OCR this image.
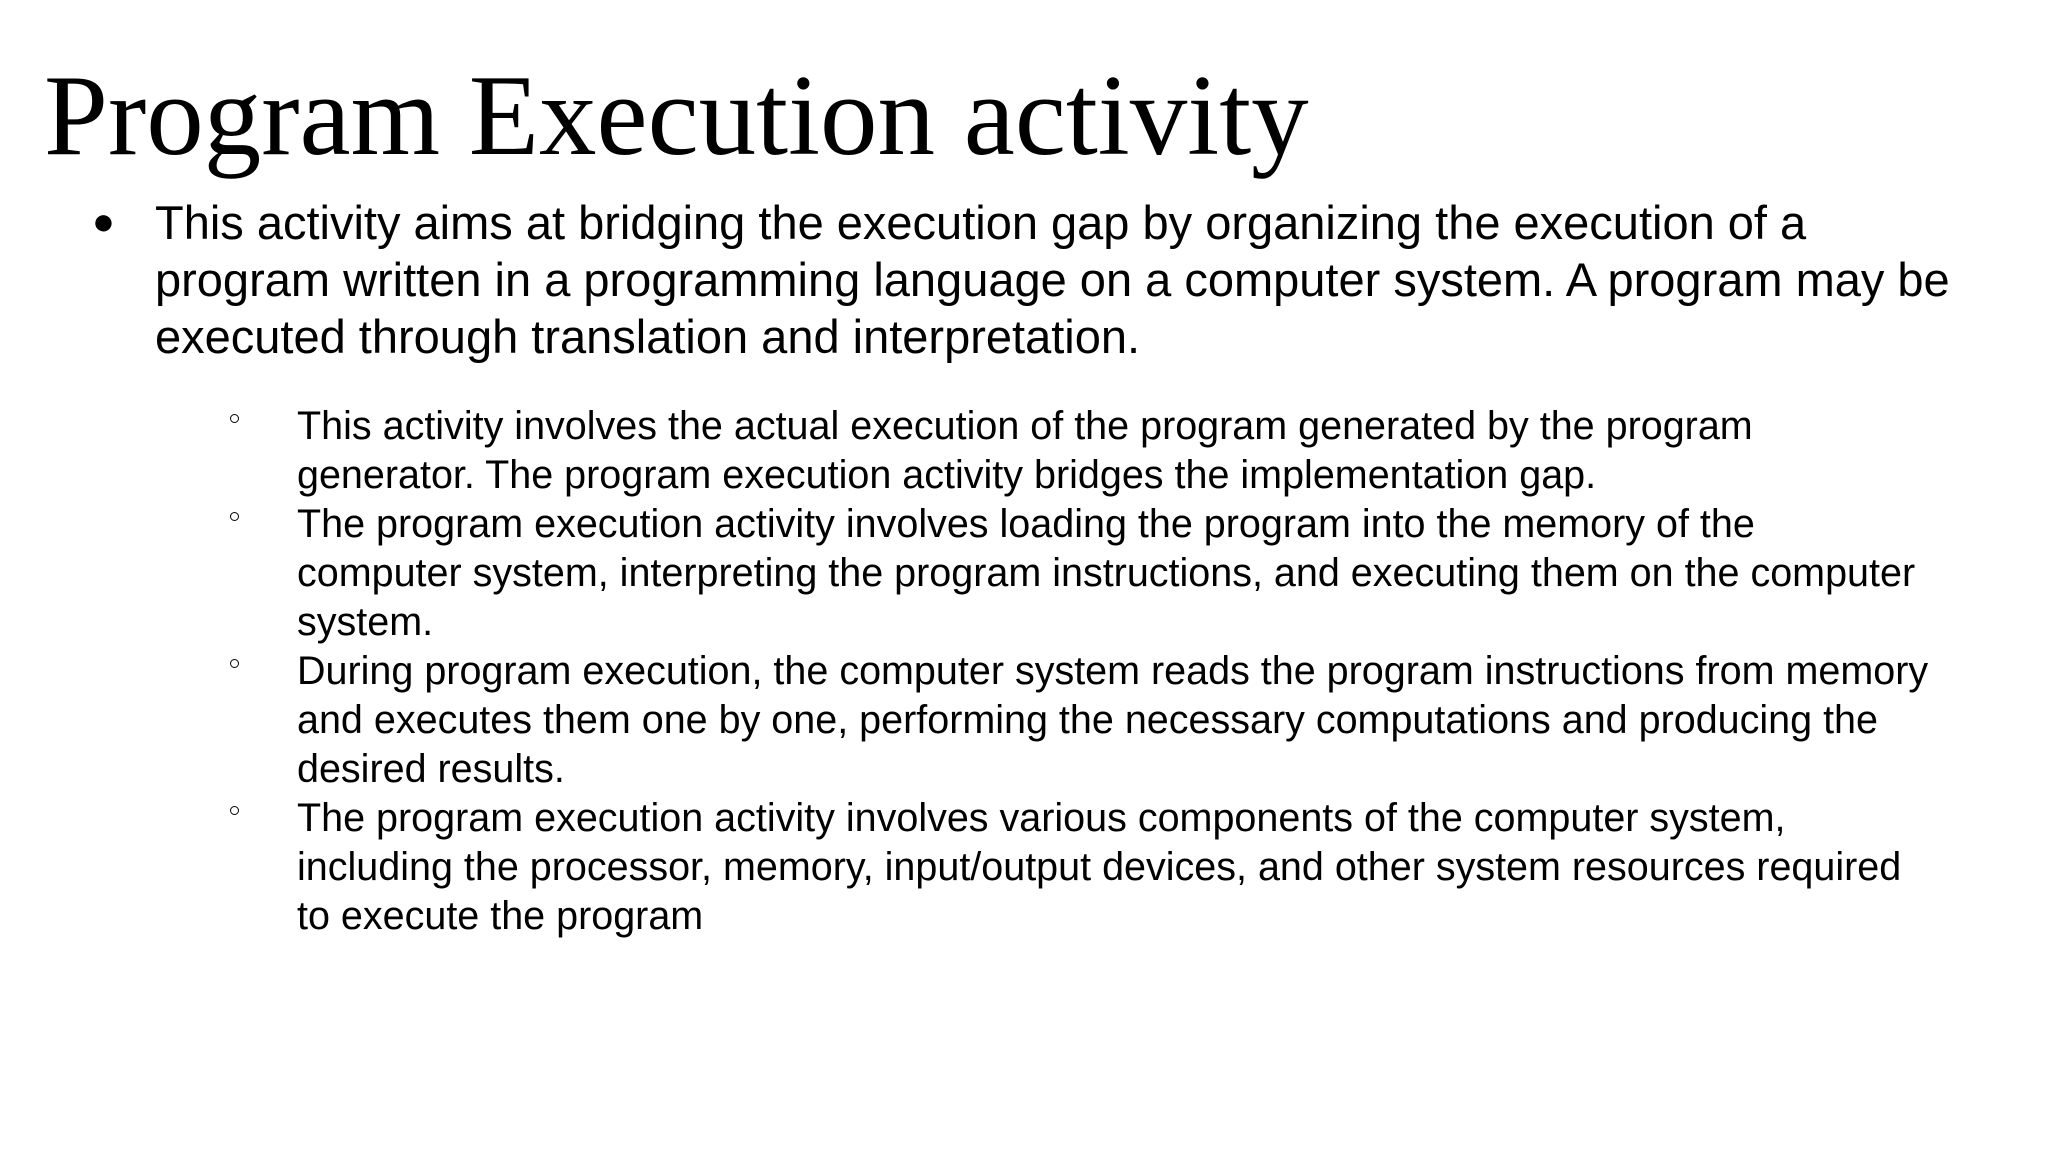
Program Execution activity
● This activity aims at bridging the execution gap by organizing the execution of a program written in a programming language on a computer system. A program may be executed through translation and interpretation.
This activity involves the actual execution of the program generated by the program generator. The program execution activity bridges the implementation gap.
The program execution activity involves loading the program into the memory of the computer system, interpreting the program instructions, and executing them on the computer system.
During program execution, the computer system reads the program instructions from memory and executes them one by one, performing the necessary computations and producing the desired results.
The program execution activity involves various components of the computer system, including the processor, memory, input/output devices, and other system resources required to execute the program
